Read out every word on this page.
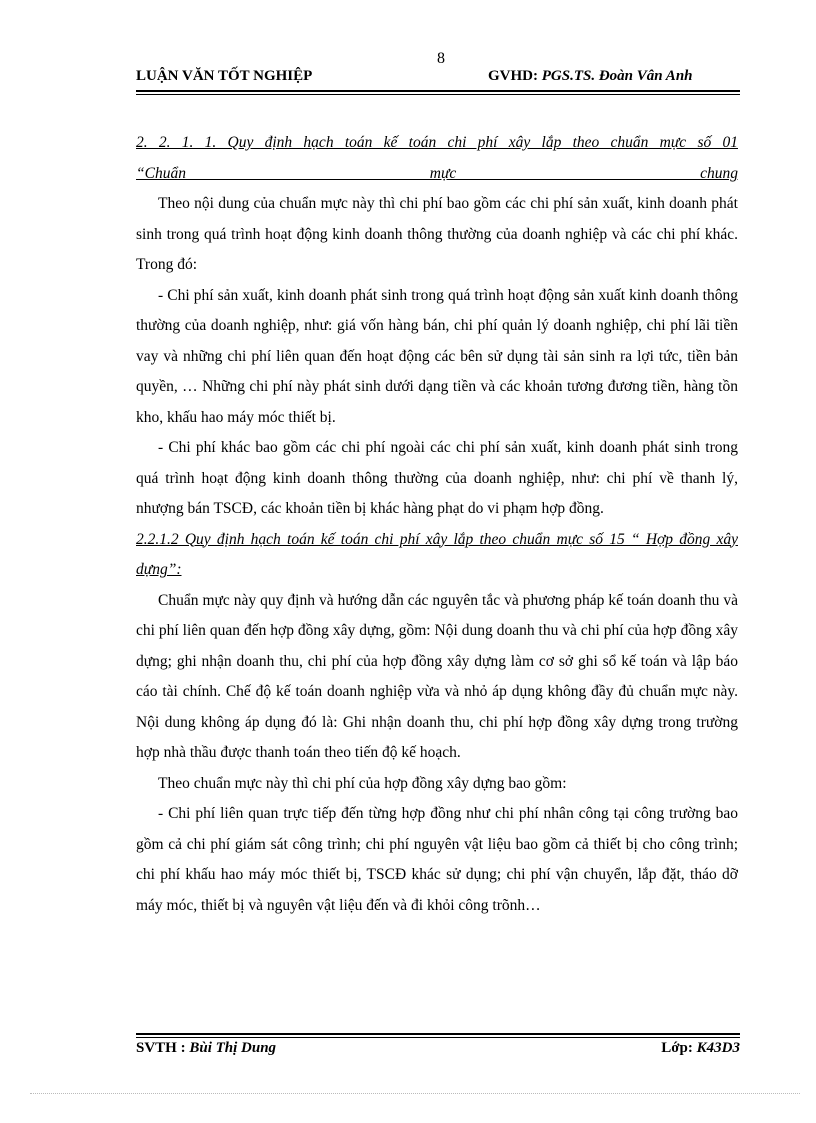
8
LUẬN VĂN TỐT NGHIỆP	GVHD: PGS.TS. Đoàn Vân Anh

2. 2. 1. 1. Quy định hạch toán kế toán chi phí xây lắp theo chuẩn mực số 01

“Chuẩn mực chung

Theo nội dung của chuẩn mực này thì chi phí bao gồm các chi phí sản xuất, kinh doanh phát sinh trong quá trình hoạt động kinh doanh thông thường của doanh nghiệp và các chi phí khác. Trong đó:

- Chi phí sản xuất, kinh doanh phát sinh trong quá trình hoạt động sản xuất kinh doanh thông thường của doanh nghiệp, như: giá vốn hàng bán, chi phí quản lý doanh nghiệp, chi phí lãi tiền vay và những chi phí liên quan đến hoạt động các bên sử dụng tài sản sinh ra lợi tức, tiền bản quyền, … Những chi phí này phát sinh dưới dạng tiền và các khoản tương đương tiền, hàng tồn kho, khấu hao máy móc thiết bị.

- Chi phí khác bao gồm các chi phí ngoài các chi phí sản xuất, kinh doanh phát sinh trong quá trình hoạt động kinh doanh thông thường của doanh nghiệp, như: chi phí về thanh lý, nhượng bán TSCĐ, các khoản tiền bị khác hàng phạt do vi phạm hợp đồng.

2.2.1.2 Quy định hạch toán kế toán chi phí xây lắp theo chuẩn mực số 15 “ Hợp đồng xây dựng”:

Chuẩn mực này quy định và hướng dẫn các nguyên tắc và phương pháp kế toán doanh thu và chi phí liên quan đến hợp đồng xây dựng, gồm: Nội dung doanh thu và chi phí của hợp đồng xây dựng; ghi nhận doanh thu, chi phí của hợp đồng xây dựng làm cơ sở ghi sổ kế toán và lập báo cáo tài chính. Chế độ kế toán doanh nghiệp vừa và nhỏ áp dụng không đầy đủ chuẩn mực này. Nội dung không áp dụng đó là: Ghi nhận doanh thu, chi phí hợp đồng xây dựng trong trường hợp nhà thầu được thanh toán theo tiến độ kế hoạch.

Theo chuẩn mực này thì chi phí của hợp đồng xây dựng bao gồm:

- Chi phí liên quan trực tiếp đến từng hợp đồng như chi phí nhân công tại công trường bao gồm cả chi phí giám sát công trình; chi phí nguyên vật liệu bao gồm cả thiết bị cho công trình; chi phí khấu hao máy móc thiết bị, TSCĐ khác sử dụng; chi phí vận chuyển, lắp đặt, tháo dỡ máy móc, thiết bị và nguyên vật liệu đến và đi khỏi công trõnh…

SVTH : Bùi Thị Dung	Lớp: K43D3
